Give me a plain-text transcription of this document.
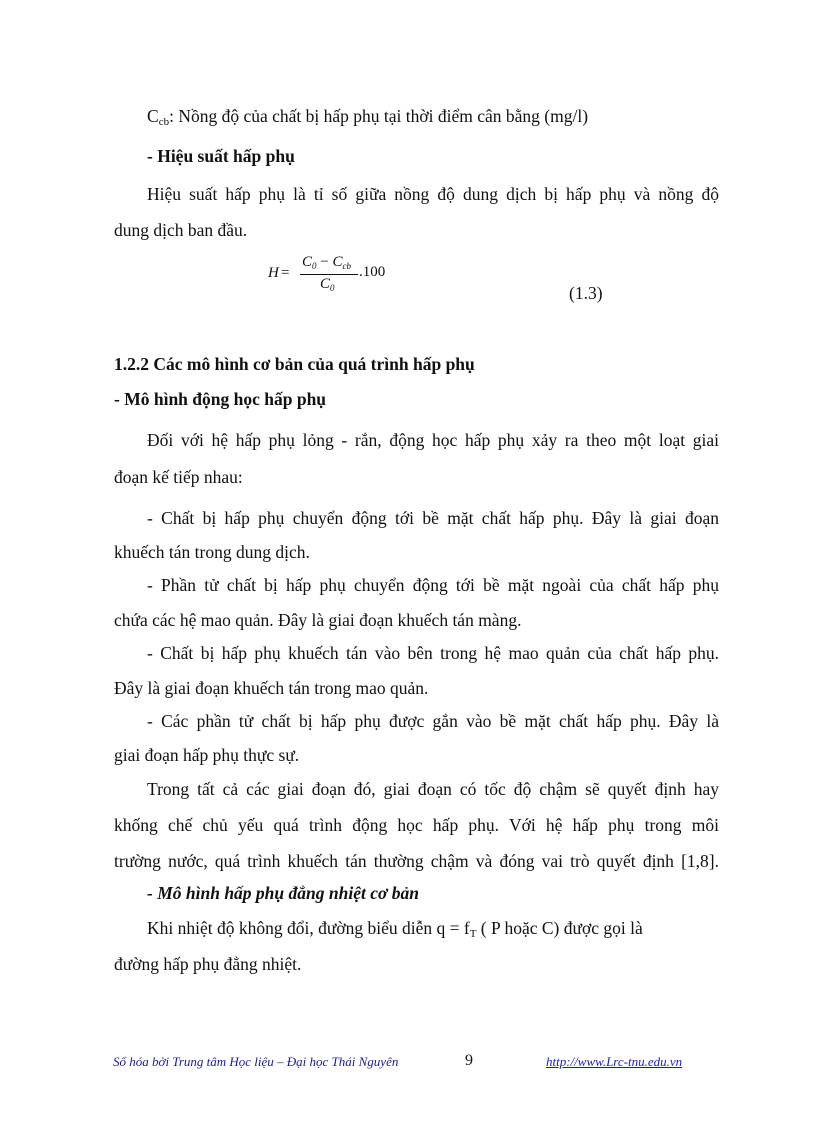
$C_{cb}$: Nồng độ của chất bị hấp phụ tại thời điểm cân bằng (mg/l)
- Hiệu suất hấp phụ
Hiệu suất hấp phụ là tỉ số giữa nồng độ dung dịch bị hấp phụ và nồng độ
dung dịch ban đầu.
H =
$C_0 - C_{cb}$
$C_0$
.100
(1.3)
1.2.2 Các mô hình cơ bản của quá trình hấp phụ
- Mô hình động học hấp phụ
Đối với hệ hấp phụ lỏng - rắn, động học hấp phụ xảy ra theo một loạt giai
đoạn kế tiếp nhau:
- Chất bị hấp phụ chuyển động tới bề mặt chất hấp phụ. Đây là giai đoạn
khuếch tán trong dung dịch.
- Phần tử chất bị hấp phụ chuyển động tới bề mặt ngoài của chất hấp phụ
chứa các hệ mao quản. Đây là giai đoạn khuếch tán màng.
- Chất bị hấp phụ khuếch tán vào bên trong hệ mao quản của chất hấp phụ.
Đây là giai đoạn khuếch tán trong mao quản.
- Các phần tử chất bị hấp phụ được gắn vào bề mặt chất hấp phụ. Đây là
giai đoạn hấp phụ thực sự.
Trong tất cả các giai đoạn đó, giai đoạn có tốc độ chậm sẽ quyết định hay
khống chế chủ yếu quá trình động học hấp phụ. Với hệ hấp phụ trong môi
trường nước, quá trình khuếch tán thường chậm và đóng vai trò quyết định [1,8].
- Mô hình hấp phụ đẳng nhiệt cơ bản
Khi nhiệt độ không đổi, đường biểu diễn $q = f_T$ ( P hoặc C) được gọi là
đường hấp phụ đẳng nhiệt.
Số hóa bởi Trung tâm Học liệu – Đại học Thái Nguyên	9	http://www.Lrc-tnu.edu.vn
